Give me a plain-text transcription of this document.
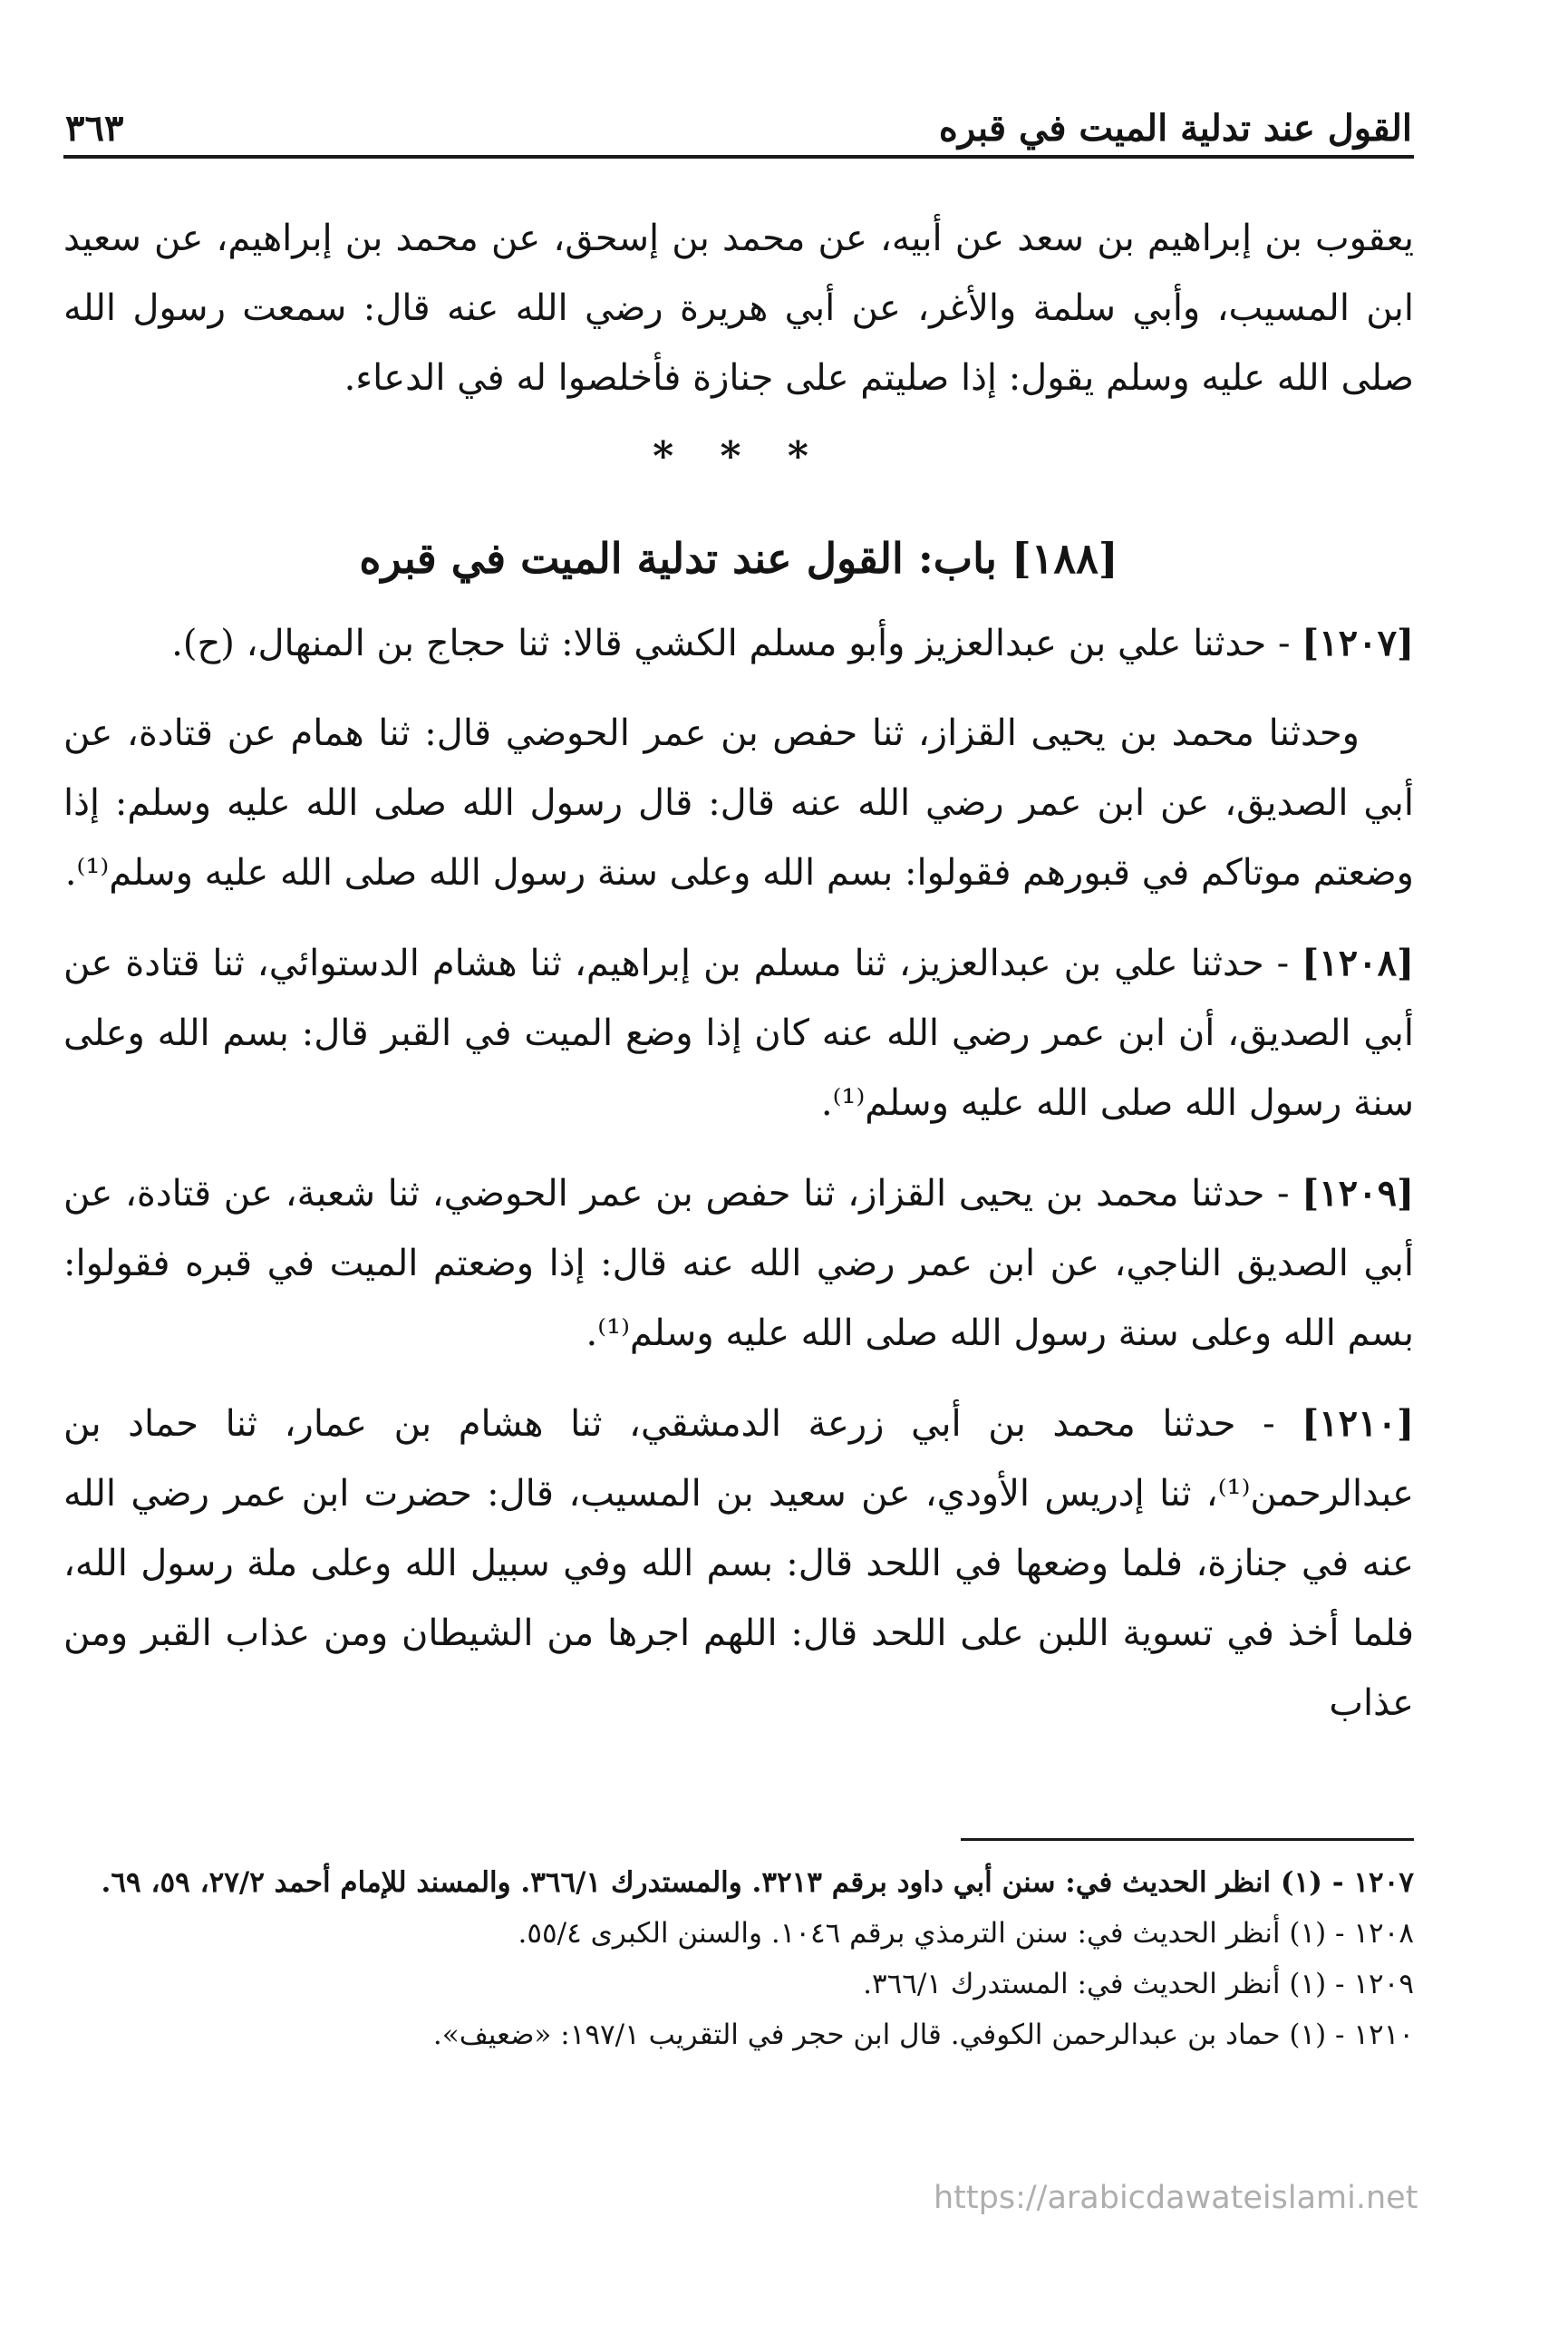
القول عند تدلية الميت في قبره
٣٦٣

يعقوب بن إبراهيم بن سعد عن أبيه، عن محمد بن إسحق، عن محمد بن إبراهيم، عن سعيد ابن المسيب، وأبي سلمة والأغر، عن أبي هريرة رضي الله عنه قال: سمعت رسول الله صلى الله عليه وسلم يقول: إذا صليتم على جنازة فأخلصوا له في الدعاء.

* * *
[١٨٨] باب: القول عند تدلية الميت في قبره

[١٢٠٧] - حدثنا علي بن عبدالعزيز وأبو مسلم الكشي قالا: ثنا حجاج بن المنهال، (ح).

وحدثنا محمد بن يحيى القزاز، ثنا حفص بن عمر الحوضي قال: ثنا همام عن قتادة، عن أبي الصديق، عن ابن عمر رضي الله عنه قال: قال رسول الله صلى الله عليه وسلم: إذا وضعتم موتاكم في قبورهم فقولوا: بسم الله وعلى سنة رسول الله صلى الله عليه وسلم⁽¹⁾.

[١٢٠٨] - حدثنا علي بن عبدالعزيز، ثنا مسلم بن إبراهيم، ثنا هشام الدستوائي، ثنا قتادة عن أبي الصديق، أن ابن عمر رضي الله عنه كان إذا وضع الميت في القبر قال: بسم الله وعلى سنة رسول الله صلى الله عليه وسلم⁽¹⁾.

[١٢٠٩] - حدثنا محمد بن يحيى القزاز، ثنا حفص بن عمر الحوضي، ثنا شعبة، عن قتادة، عن أبي الصديق الناجي، عن ابن عمر رضي الله عنه قال: إذا وضعتم الميت في قبره فقولوا: بسم الله وعلى سنة رسول الله صلى الله عليه وسلم⁽¹⁾.

[١٢١٠] - حدثنا محمد بن أبي زرعة الدمشقي، ثنا هشام بن عمار، ثنا حماد بن عبدالرحمن⁽¹⁾، ثنا إدريس الأودي، عن سعيد بن المسيب، قال: حضرت ابن عمر رضي الله عنه في جنازة، فلما وضعها في اللحد قال: بسم الله وفي سبيل الله وعلى ملة رسول الله، فلما أخذ في تسوية اللبن على اللحد قال: اللهم اجرها من الشيطان ومن عذاب القبر ومن عذاب

١٢٠٧ - (١) انظر الحديث في: سنن أبي داود برقم ٣٢١٣. والمستدرك ٣٦٦/١. والمسند للإمام أحمد ٢٧/٢، ٥٩، ٦٩.

١٢٠٨ - (١) أنظر الحديث في: سنن الترمذي برقم ١٠٤٦. والسنن الكبرى ٥٥/٤.

١٢٠٩ - (١) أنظر الحديث في: المستدرك ٣٦٦/١.

١٢١٠ - (١) حماد بن عبدالرحمن الكوفي. قال ابن حجر في التقريب ١٩٧/١: «ضعيف».

https://arabicdawateislami.net
